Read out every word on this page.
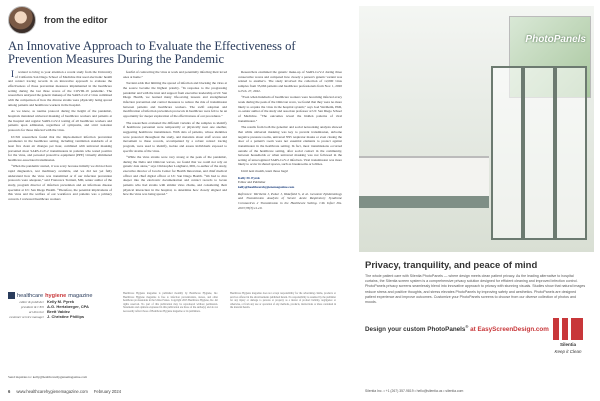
from the editor
An Innovative Approach to Evaluate the Effectiveness of Prevention Measures During the Pandemic

Iwanted to bring to your attention a recent study from the University of California San Diego School of Medicine that used electronic health and contact tracing records in an innovative approach to evaluate the effectiveness of those prevention measures implemented in the healthcare setting during the last three waves of the COVID-19 pandemic. The researchers analyzed the genetic makeup of the SARS-CoV-2 virus combined with the comparison of how the diverse strains were physically being spread among patients and healthcare workers in the hospital.

As we know, as routine protocol during the height of the pandemic, hospitals mandated universal masking of healthcare workers and patients at the hospital and regular SARS-CoV-2 testing of all healthcare workers and patients upon admission, regardless of symptoms, and strict isolation protocols for those infected with the virus.

UCSD researchers found that the imple-mented infection prevention parameters in the healthcare setting, including ventilation standards of at least five clean air changes per hour, combined with universal masking prevented most SARS-CoV-2 transmissions in patients who tested positive for the virus, and personal protective equipment (PPE) virtually eliminated healthcare-associated transmission.

“When the pandemic started, it was scary because initially we did not have rapid diagnostics, test machinery available, and we did not yet fully understand how the virus was transmitted or if our infection prevention protocols were adequate,” said Francesca Torriani, MD, senior author of the study, program director of infection prevention and an infectious disease specialist at UC San Diego Health. “Therefore, the potential implications of this virus and the welfare of our workforce and patients was a primary concern. I reviewed healthcare workers

fearful of contracting the virus at work and potentially infecting their loved ones at home.”

Torriani adds that limiting the spread of infection and blocking the virus at the source became the highest priority. “In response to the progressing pandemic and with the trust and support from executive leadership at UC San Diego Health, we learned many life-saving lessons and strengthened infection prevention and control measures to reduce the risk of transmission between patients and healthcare workers. The swift adoption and modification of infection prevention protocols in healthcare were felt to be an opportunity for deeper exploration of the effectiveness of our procedures.”

The researchers evaluated the different variants of the samples to identify if healthcare personnel were temporarily or physically near one another, suggesting healthcare transmission. With data of patients, whose identities were protected throughout the study, and metadata about staff access and movement to these records, accompanied by a robust contact tracing program, were used to identify, isolate and assess individuals exposed to specific strains of the virus.

“While the virus strains were very strong at the peak of the pandemic, during the Delta and Omicron waves, we found that we could not rely on genetic data alone,” says Christopher Longhurst, MD, co-author of the study, executive director of Jacobs Center for Health Innovation, and chief medical officer and chief digital officer at UC San Diego Health. “We had to dive deeper into the electronic documentation and contact records to locate patients who had strains with similar virus chains, and considering their physical interaction in the hospital, to determine how closely aligned and how the virus was being spread.”

Researchers examined the genetic make-up of SARS-CoV-2 during three consecutive waves and compared how closely a person's genetic variant was related to another's. The study involved the collection of 12,000 virus samples from 35,666 patients and healthcare professionals from Nov. 1, 2020 to Feb. 27, 2022.

“Even when hundreds of healthcare workers were becoming infected every week during the peak of the Omicron wave, we found that they were no more likely to acquire the virus in the hospital system,” says Joel Wertheim, PhD, co-senior author of the study and associate professor at UC San Diego School of Medicine. “The outcomes reveal the hidden patterns of viral transmission.”

The results from both the genomic and social networking analysis showed that while universal masking was key to prevent transmission, airborne negative pressure rooms, universal N95 respirator masks or even closing the door of a patient's room were not essential elements to protect against transmission in the healthcare setting. In fact, most transmissions occurred outside of the healthcare setting, after social contact in the community, between households or when universal masking was not followed in the setting of unrecognized SARS-CoV-2 infection. Viral transmission was more likely to occur in shared spaces, such as breakrooms or lobbies.

Until next month, learn those bugs!

Kelly M. Pyrek
Editor and Publisher
kelly@healthcarehygienemagazine.com
Reference: Wertheim J, Pekar J, Wakefield S, et al. Genomic Epidemiology and Transmission Analysis of Severe Acute Respiratory Syndrome Coronavirus 2 Transmission in the Healthcare Setting. Clin Infect Dis. 2023;76(3):e1-e9.
healthcare hygiene magazine
editor & publisher Kelly M. Pyrek
president & CEO A.G. Hertzberger, CPA
art director Brett Valdez
customer service manager J. Christine Phillips
Send inquiries to: kelly@healthcarehygienemagazine.com
Healthcare Hygiene magazine is published monthly by Healthcare Hygiene, Inc. Healthcare Hygiene magazine is free to infection preventionists, nurses, and other healthcare professionals in the United States. Copyright 2023 Healthcare Hygiene, Inc. All rights reserved. No part of this publication may be reproduced without permission. Statements and opinions expressed in this publication are those of the author(s) and do not necessarily reflect those of Healthcare Hygiene magazine or its publishers.
Healthcare Hygiene magazine does not accept responsibility for the advertising claims, products or services offered in the advertisements published herein. No responsibility is assumed by the publisher for any injury or damage to persons or property as a matter of product liability, negligence or otherwise, or from any use or operation of any methods, products, instructions or ideas contained in the material herein.
6 www.healthcarehygienemagazine.com February 2024
PhotoPanels
Privacy, tranquility, and peace of mind
The whole patient care with Silentia PhotoPanels — where design meets clean patient privacy. As the leading alternative to hospital curtains, the Silentia screen system is a comprehensive privacy solution designed for efficient cleaning and improved infection control. PhotoPanels privacy screens seamlessly blend into innovative approach to privacy with stunning visuals. Studies show that natural images reduce stress and positive thoughts, and stress elevates PhotoPanels by improving safety and aesthetics. PhotoPanels are designed patient experience and improve outcomes. Customize your PhotoPanels screens to choose from our diverse collection of photos and moods.
Design your custom PhotoPanels® at EasyScreenDesign.com
Silentia
Keep it Clean
Silentia Inc. • +1 (267) 357-9819 • hello@silentia.us • silentia.com
